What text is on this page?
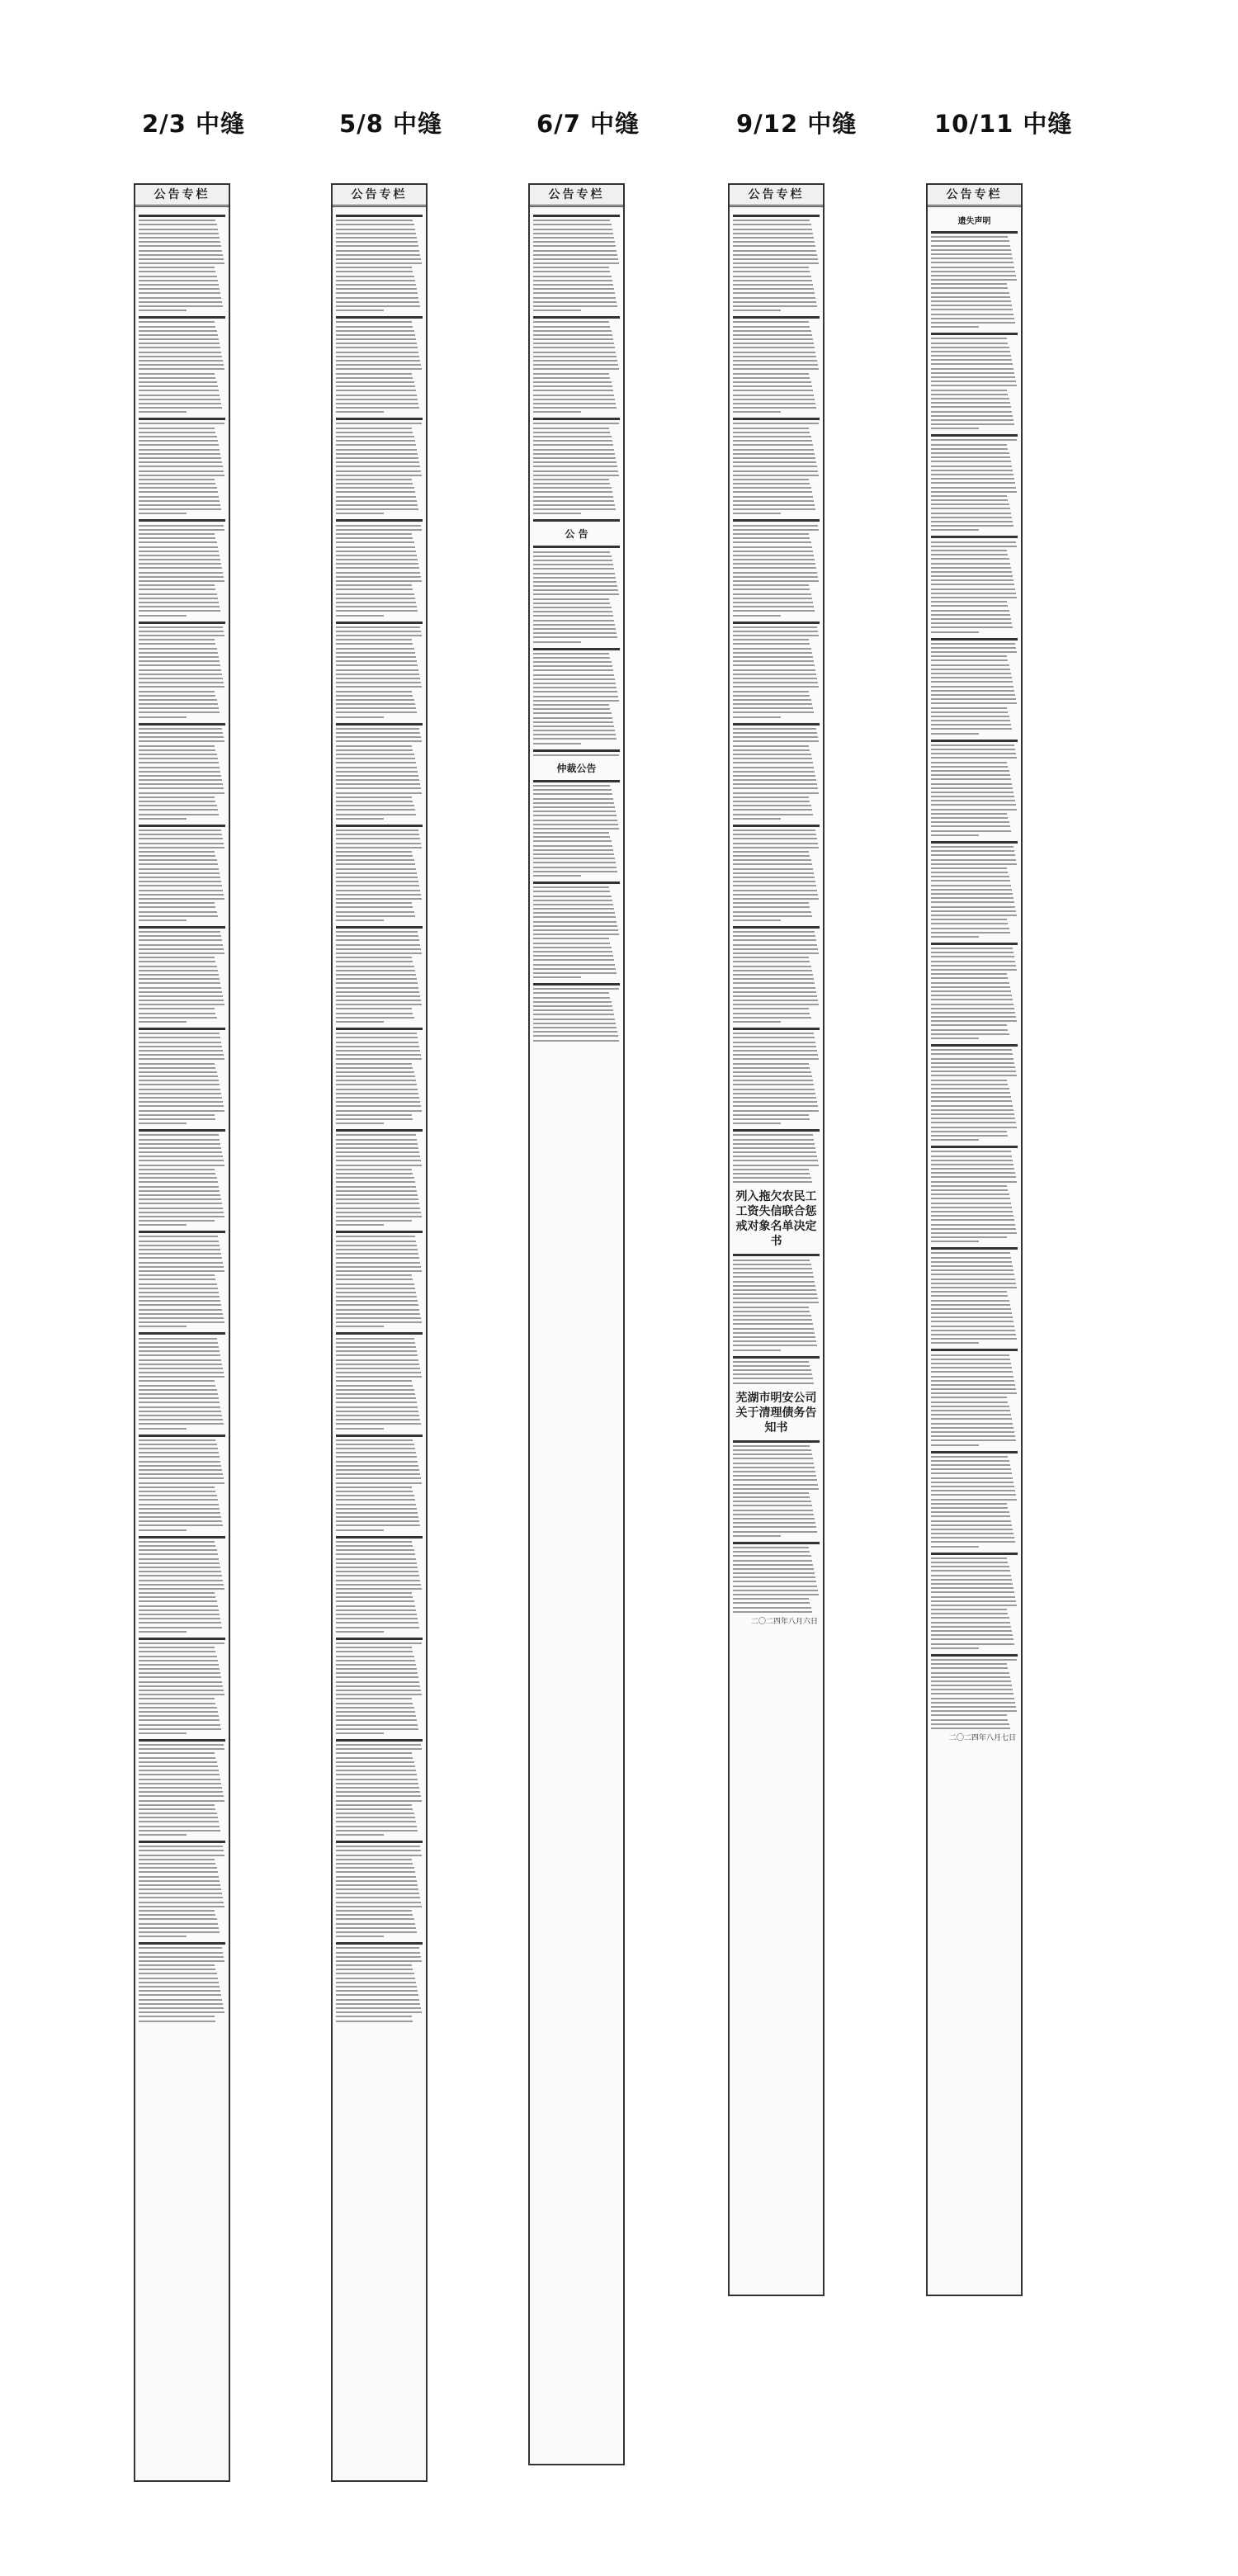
2/3 中缝	5/8 中缝	6/7 中缝	9/12 中缝	10/11 中缝
公告专栏	公告专栏	公告专栏
公 告
仲裁公告
公告专栏
列入拖欠农民工工资失信联合惩戒对象名单决定书
芜湖市明安公司关于清理债务告知书
二〇二四年八月六日
公告专栏
遗失声明
二〇二四年八月七日
